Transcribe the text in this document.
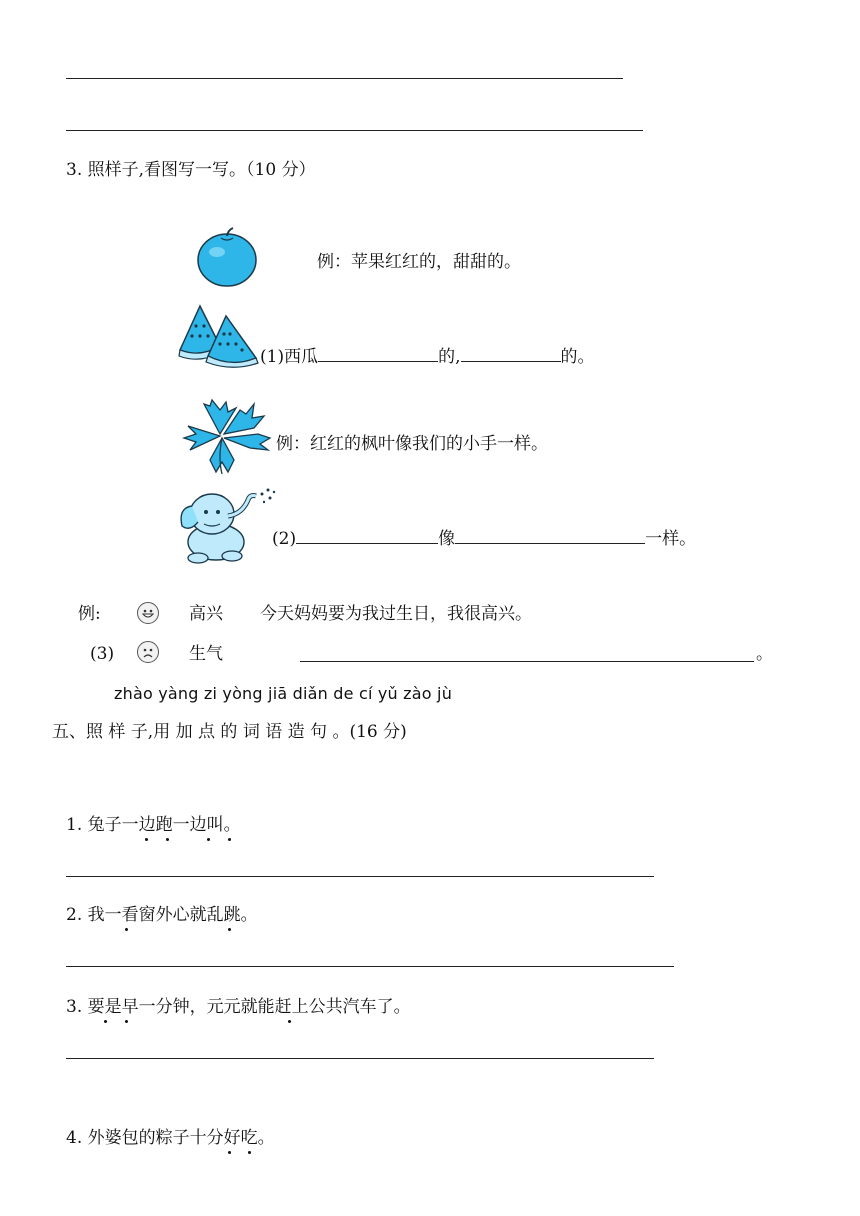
3. 照样子,看图写一写。（10 分）
例：苹果红红的，甜甜的。
(1)西瓜	的,	的。
例：红红的枫叶像我们的小手一样。
(2)	像	一样。
例:	高兴 今天妈妈要为我过生日，我很高兴。
(3)	生气	。
zhào yàng zi yòng jiā diǎn de cí yǔ zào jù
五、照 样 子,用 加 点 的 词 语 造 句 。(16 分)
1. 兔子一边跑一边叫。
2. 我一看窗外心就乱跳。
3. 要是早一分钟，元元就能赶上公共汽车了。
4. 外婆包的粽子十分好吃。
